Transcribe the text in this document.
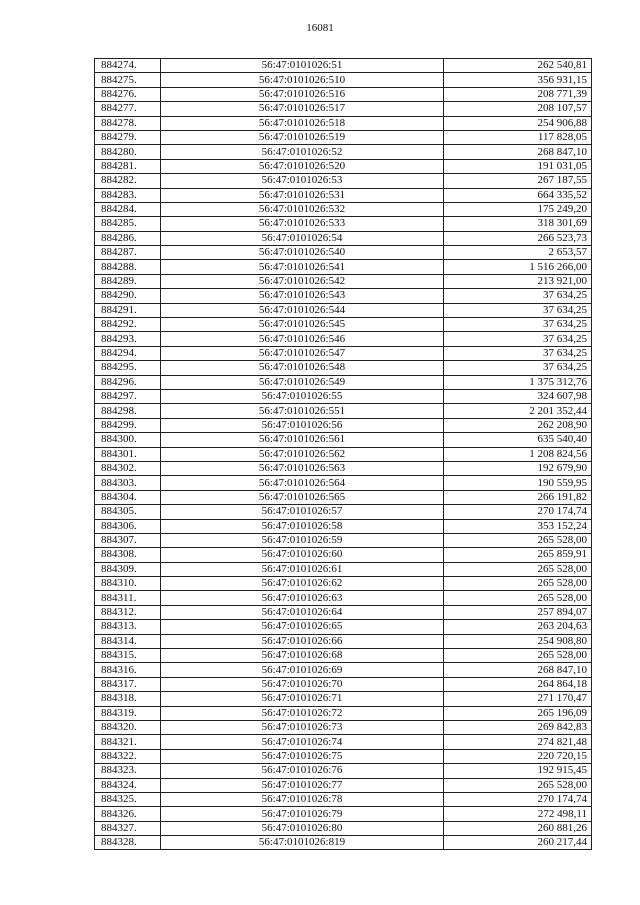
16081
884274.	56:47:0101026:51	262 540,81
884275.	56:47:0101026:510	356 931,15
884276.	56:47:0101026:516	208 771,39
884277.	56:47:0101026:517	208 107,57
884278.	56:47:0101026:518	254 906,88
884279.	56:47:0101026:519	117 828,05
884280.	56:47:0101026:52	268 847,10
884281.	56:47:0101026:520	191 031,05
884282.	56:47:0101026:53	267 187,55
884283.	56:47:0101026:531	664 335,52
884284.	56:47:0101026:532	175 249,20
884285.	56:47:0101026:533	318 301,69
884286.	56:47:0101026:54	266 523,73
884287.	56:47:0101026:540	2 653,57
884288.	56:47:0101026:541	1 516 266,00
884289.	56:47:0101026:542	213 921,00
884290.	56:47:0101026:543	37 634,25
884291.	56:47:0101026:544	37 634,25
884292.	56:47:0101026:545	37 634,25
884293.	56:47:0101026:546	37 634,25
884294.	56:47:0101026:547	37 634,25
884295.	56:47:0101026:548	37 634,25
884296.	56:47:0101026:549	1 375 312,76
884297.	56:47:0101026:55	324 607,98
884298.	56:47:0101026:551	2 201 352,44
884299.	56:47:0101026:56	262 208,90
884300.	56:47:0101026:561	635 540,40
884301.	56:47:0101026:562	1 208 824,56
884302.	56:47:0101026:563	192 679,90
884303.	56:47:0101026:564	190 559,95
884304.	56:47:0101026:565	266 191,82
884305.	56:47:0101026:57	270 174,74
884306.	56:47:0101026:58	353 152,24
884307.	56:47:0101026:59	265 528,00
884308.	56:47:0101026:60	265 859,91
884309.	56:47:0101026:61	265 528,00
884310.	56:47:0101026:62	265 528,00
884311.	56:47:0101026:63	265 528,00
884312.	56:47:0101026:64	257 894,07
884313.	56:47:0101026:65	263 204,63
884314.	56:47:0101026:66	254 908,80
884315.	56:47:0101026:68	265 528,00
884316.	56:47:0101026:69	268 847,10
884317.	56:47:0101026:70	264 864,18
884318.	56:47:0101026:71	271 170,47
884319.	56:47:0101026:72	265 196,09
884320.	56:47:0101026:73	269 842,83
884321.	56:47:0101026:74	274 821,48
884322.	56:47:0101026:75	220 720,15
884323.	56:47:0101026:76	192 915,45
884324.	56:47:0101026:77	265 528,00
884325.	56:47:0101026:78	270 174,74
884326.	56:47:0101026:79	272 498,11
884327.	56:47:0101026:80	260 881,26
884328.	56:47:0101026:819	260 217,44
